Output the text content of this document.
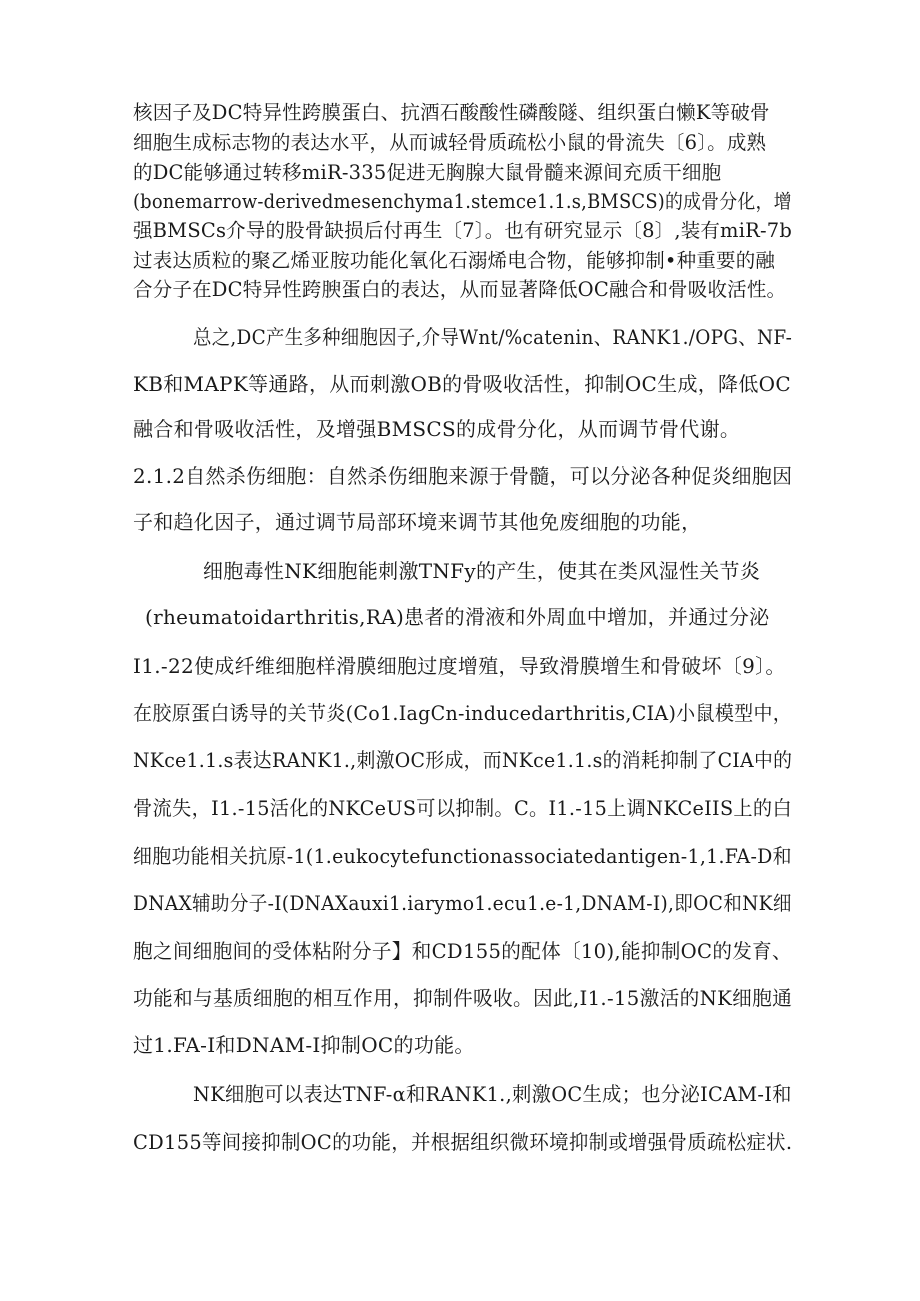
核因子及DC特异性跨膜蛋白、抗酒石酸酸性磷酸隧、组织蛋白懒K等破骨
细胞生成标志物的表达水平，从而诚轻骨质疏松小鼠的骨流失〔6〕。成熟
的DC能够通过转移miR-335促进无胸腺大鼠骨髓来源间充质干细胞
(bonemarrow-derivedmesenchyma1.stemce1.1.s,BMSCS)的成骨分化，增
强BMSCs介导的股骨缺损后付再生〔7〕。也有研究显示〔8〕,装有miR-7b
过表达质粒的聚乙烯亚胺功能化氧化石溺烯电合物，能够抑制•种重要的融
合分子在DC特异性跨腴蛋白的表达，从而显著降低OC融合和骨吸收活性。
总之,DC产生多种细胞因子,介导Wnt/%catenin、RANK1./OPG、NF-
KB和MAPK等通路，从而刺激OB的骨吸收活性，抑制OC生成，降低OC
融合和骨吸收活性，及增强BMSCS的成骨分化，从而调节骨代谢。
2.1.2自然杀伤细胞：自然杀伤细胞来源于骨髓，可以分泌各种促炎细胞因
子和趋化因子，通过调节局部环境来调节其他免废细胞的功能，
细胞毒性NK细胞能刺激TNFy的产生，使其在类风湿性关节炎
(rheumatoidarthritis,RA)患者的滑液和外周血中增加，并通过分泌
I1.-22使成纤维细胞样滑膜细胞过度增殖，导致滑膜增生和骨破坏〔9〕。
在胶原蛋白诱导的关节炎(Co1.IagCn-inducedarthritis,CIA)小鼠模型中，
NKce1.1.s表达RANK1.,刺激OC形成，而NKce1.1.s的消耗抑制了CIA中的
骨流失，I1.-15活化的NKCeUS可以抑制。C。I1.-15上调NKCeIIS上的白
细胞功能相关抗原-1(1.eukocytefunctionassociatedantigen-1,1.FA-D和
DNAX辅助分子-I(DNAXauxi1.iarymo1.ecu1.e-1,DNAM-I),即OC和NK细
胞之间细胞间的受体粘附分子】和CD155的配体〔10),能抑制OC的发育、
功能和与基质细胞的相互作用，抑制件吸收。因此,I1.-15激活的NK细胞通
过1.FA-I和DNAM-I抑制OC的功能。
NK细胞可以表达TNF-α和RANK1.,刺激OC生成；也分泌ICAM-I和
CD155等间接抑制OC的功能，并根据组织微环境抑制或增强骨质疏松症状.
